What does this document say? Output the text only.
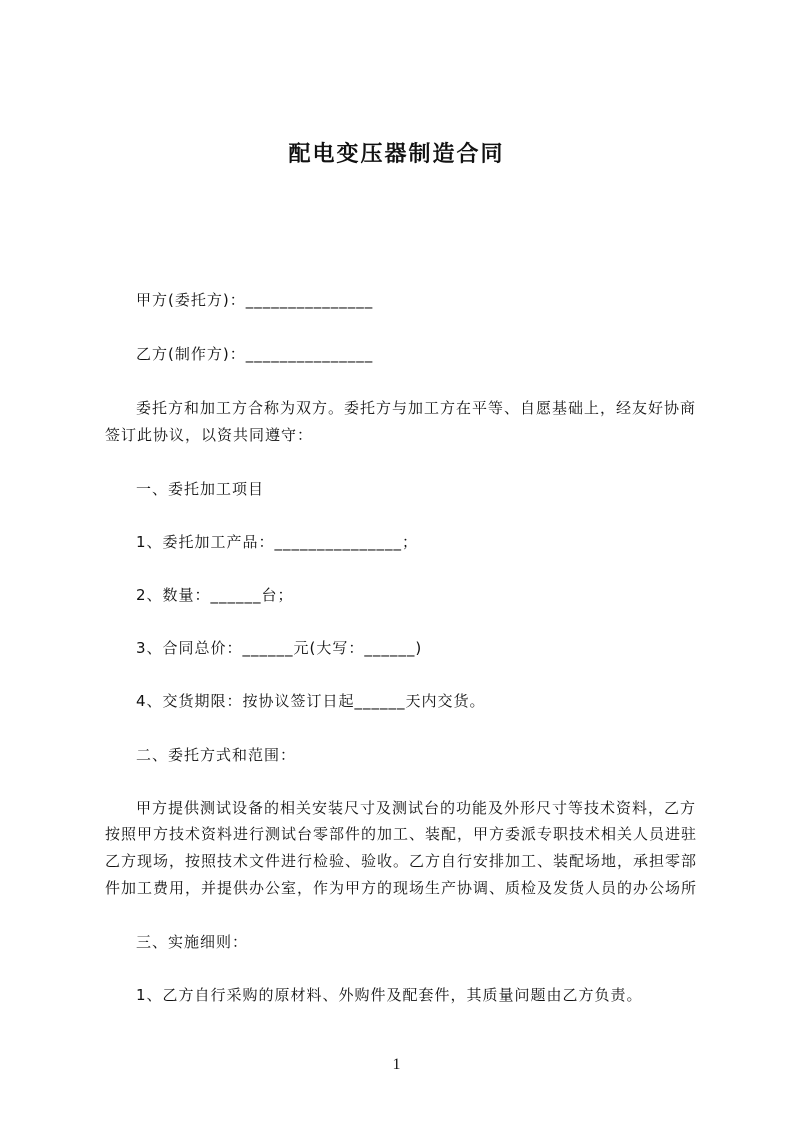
配电变压器制造合同
甲方(委托方)：_______________
乙方(制作方)：_______________
委托方和加工方合称为双方。委托方与加工方在平等、自愿基础上，经友好协商
签订此协议，以资共同遵守：
一、委托加工项目
1、委托加工产品：_______________；
2、数量：______台；
3、合同总价：______元(大写：______)
4、交货期限：按协议签订日起______天内交货。
二、委托方式和范围：
甲方提供测试设备的相关安装尺寸及测试台的功能及外形尺寸等技术资料，乙方
按照甲方技术资料进行测试台零部件的加工、装配，甲方委派专职技术相关人员进驻
乙方现场，按照技术文件进行检验、验收。乙方自行安排加工、装配场地，承担零部
件加工费用，并提供办公室，作为甲方的现场生产协调、质检及发货人员的办公场所
三、实施细则：
1、乙方自行采购的原材料、外购件及配套件，其质量问题由乙方负责。
1
